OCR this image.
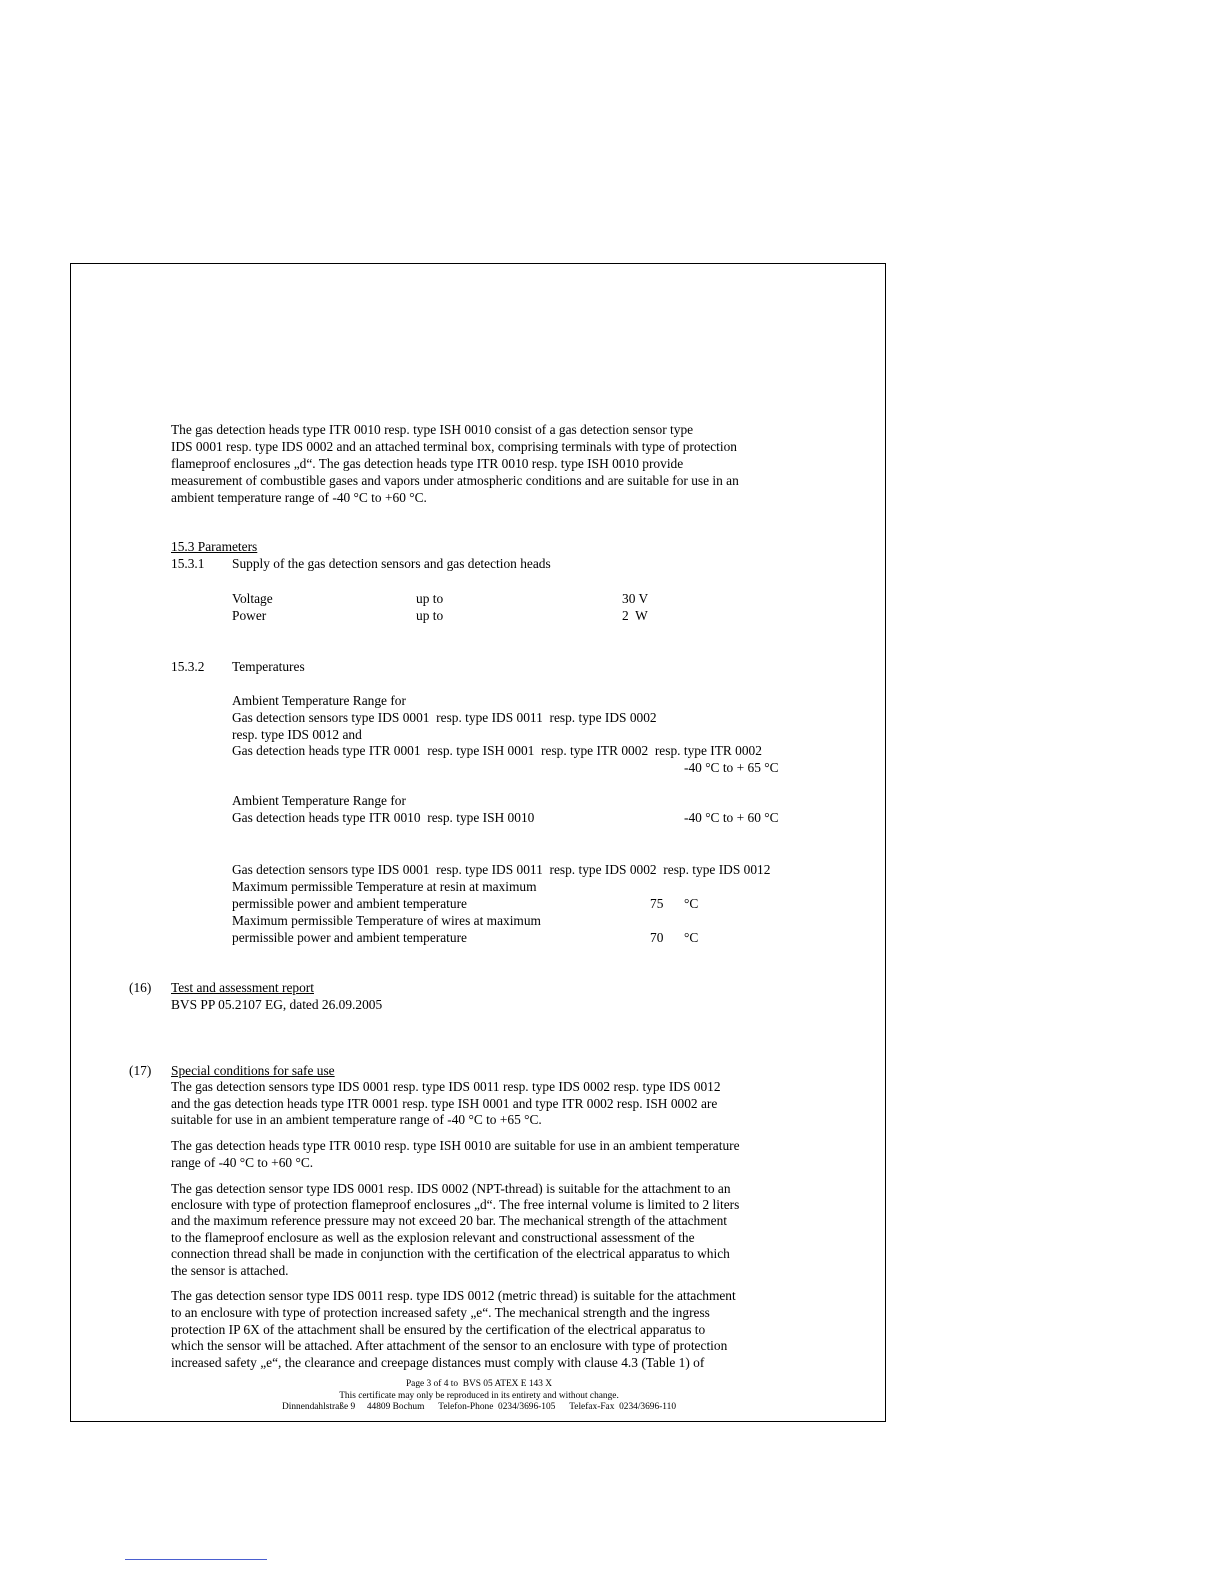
The gas detection heads type ITR 0010 resp. type ISH 0010 consist of a gas detection sensor type
IDS 0001 resp. type IDS 0002 and an attached terminal box, comprising terminals with type of protection
flameproof enclosures „d“. The gas detection heads type ITR 0010 resp. type ISH 0010 provide
measurement of combustible gases and vapors under atmospheric conditions and are suitable for use in an
ambient temperature range of -40 °C to +60 °C.
15.3 Parameters
15.3.1 Supply of the gas detection sensors and gas detection heads
Voltage	up to	30 V
Power	up to	2  W
15.3.2 Temperatures
Ambient Temperature Range for
Gas detection sensors type IDS 0001  resp. type IDS 0011  resp. type IDS 0002
resp. type IDS 0012 and
Gas detection heads type ITR 0001  resp. type ISH 0001  resp. type ITR 0002  resp. type ITR 0002
-40 °C to + 65 °C
Ambient Temperature Range for
Gas detection heads type ITR 0010  resp. type ISH 0010	-40 °C to + 60 °C
Gas detection sensors type IDS 0001  resp. type IDS 0011  resp. type IDS 0002  resp. type IDS 0012
Maximum permissible Temperature at resin at maximum
permissible power and ambient temperature	75 °C
Maximum permissible Temperature of wires at maximum
permissible power and ambient temperature	70 °C
(16) Test and assessment report
BVS PP 05.2107 EG, dated 26.09.2005
(17) Special conditions for safe use
The gas detection sensors type IDS 0001 resp. type IDS 0011 resp. type IDS 0002 resp. type IDS 0012
and the gas detection heads type ITR 0001 resp. type ISH 0001 and type ITR 0002 resp. ISH 0002 are
suitable for use in an ambient temperature range of -40 °C to +65 °C.
The gas detection heads type ITR 0010 resp. type ISH 0010 are suitable for use in an ambient temperature
range of -40 °C to +60 °C.
The gas detection sensor type IDS 0001 resp. IDS 0002 (NPT-thread) is suitable for the attachment to an
enclosure with type of protection flameproof enclosures „d“. The free internal volume is limited to 2 liters
and the maximum reference pressure may not exceed 20 bar. The mechanical strength of the attachment
to the flameproof enclosure as well as the explosion relevant and constructional assessment of the
connection thread shall be made in conjunction with the certification of the electrical apparatus to which
the sensor is attached.
The gas detection sensor type IDS 0011 resp. type IDS 0012 (metric thread) is suitable for the attachment
to an enclosure with type of protection increased safety „e“. The mechanical strength and the ingress
protection IP 6X of the attachment shall be ensured by the certification of the electrical apparatus to
which the sensor will be attached. After attachment of the sensor to an enclosure with type of protection
increased safety „e“, the clearance and creepage distances must comply with clause 4.3 (Table 1) of
Page 3 of 4 to  BVS 05 ATEX E 143 X
This certificate may only be reproduced in its entirety and without change.
Dinnendahlstraße 9     44809 Bochum      Telefon-Phone  0234/3696-105      Telefax-Fax  0234/3696-110
